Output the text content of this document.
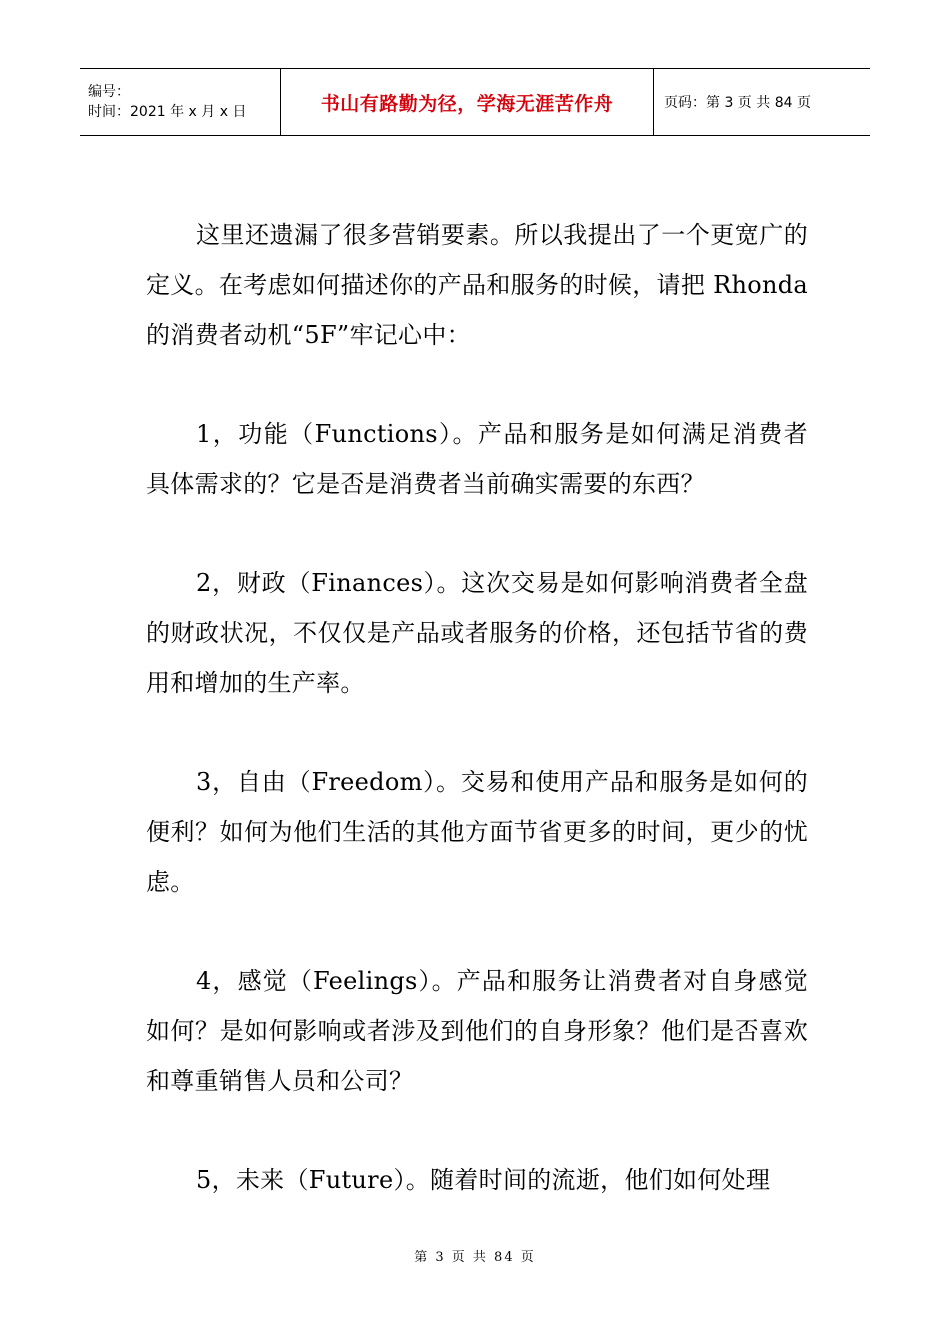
编号：
时间：2021 年 x 月 x 日	书山有路勤为径，学海无涯苦作舟	页码：第 3 页 共 84 页

这里还遗漏了很多营销要素。所以我提出了一个更宽广的定义。在考虑如何描述你的产品和服务的时候，请把 Rhonda 的消费者动机“5F”牢记心中：

1，功能（Functions）。产品和服务是如何满足消费者具体需求的？它是否是消费者当前确实需要的东西？

2，财政（Finances）。这次交易是如何影响消费者全盘的财政状况，不仅仅是产品或者服务的价格，还包括节省的费用和增加的生产率。

3，自由（Freedom）。交易和使用产品和服务是如何的便利？如何为他们生活的其他方面节省更多的时间，更少的忧虑。

4，感觉（Feelings）。产品和服务让消费者对自身感觉如何？是如何影响或者涉及到他们的自身形象？他们是否喜欢和尊重销售人员和公司？

5，未来（Future）。随着时间的流逝，他们如何处理

第 3 页 共 84 页
